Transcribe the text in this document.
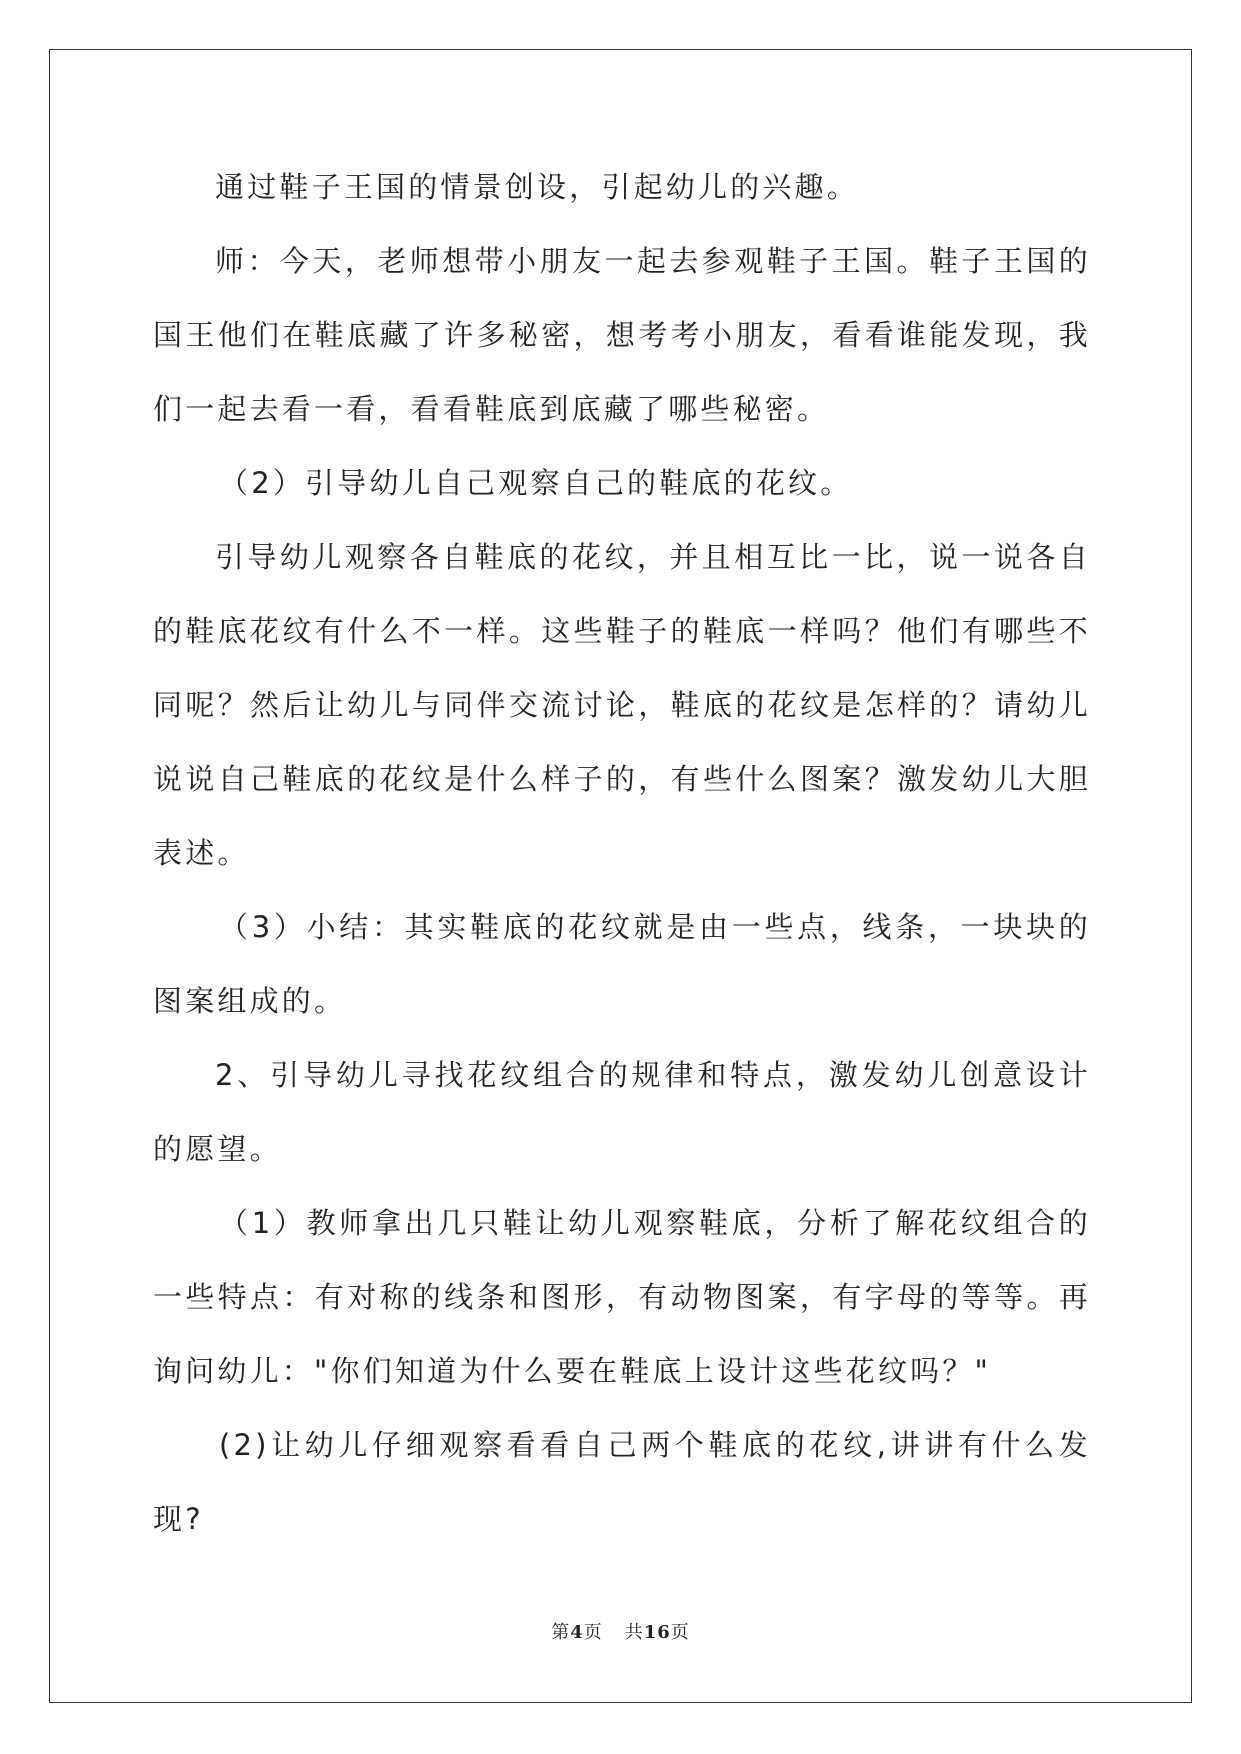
通过鞋子王国的情景创设，引起幼儿的兴趣。

师：今天，老师想带小朋友一起去参观鞋子王国。鞋子王国的国王他们在鞋底藏了许多秘密，想考考小朋友，看看谁能发现，我们一起去看一看，看看鞋底到底藏了哪些秘密。

（2）引导幼儿自己观察自己的鞋底的花纹。

引导幼儿观察各自鞋底的花纹，并且相互比一比，说一说各自的鞋底花纹有什么不一样。这些鞋子的鞋底一样吗？他们有哪些不同呢？然后让幼儿与同伴交流讨论，鞋底的花纹是怎样的？请幼儿说说自己鞋底的花纹是什么样子的，有些什么图案？激发幼儿大胆表述。

（3）小结：其实鞋底的花纹就是由一些点，线条，一块块的图案组成的。

2、引导幼儿寻找花纹组合的规律和特点，激发幼儿创意设计的愿望。

（1）教师拿出几只鞋让幼儿观察鞋底，分析了解花纹组合的一些特点：有对称的线条和图形，有动物图案，有字母的等等。再询问幼儿："你们知道为什么要在鞋底上设计这些花纹吗？"

(2)让幼儿仔细观察看看自己两个鞋底的花纹,讲讲有什么发现?

第4页 共16页
